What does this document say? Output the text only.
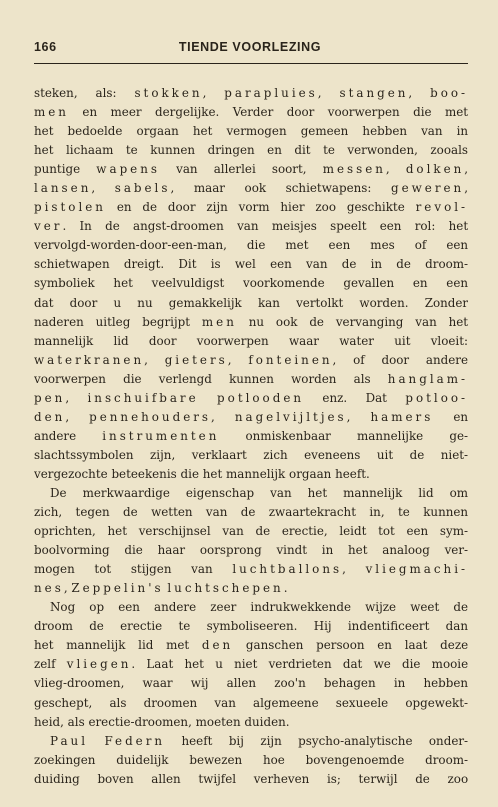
166	TIENDE VOORLEZING
steken, als: stokken, parapluies, stangen, boo-
men en meer dergelijke. Verder door voorwerpen die met
het bedoelde orgaan het vermogen gemeen hebben van in
het lichaam te kunnen dringen en dit te verwonden, zooals
puntige wapens van allerlei soort, messen, dolken,
lansen, sabels, maar ook schietwapens: geweren,
pistolen en de door zijn vorm hier zoo geschikte revol-
ver. In de angst-droomen van meisjes speelt een rol: het
vervolgd-worden-door-een-man, die met een mes of een
schietwapen dreigt. Dit is wel een van de in de droom-
symboliek het veelvuldigst voorkomende gevallen en een
dat door u nu gemakkelijk kan vertolkt worden. Zonder
naderen uitleg begrijpt men nu ook de vervanging van het
mannelijk lid door voorwerpen waar water uit vloeit:
waterkranen, gieters, fonteinen, of door andere
voorwerpen die verlengd kunnen worden als hanglam-
pen, inschuifbare potlooden enz. Dat potloo-
den, pennehouders, nagelvijltjes, hamers en
andere instrumenten onmiskenbaar mannelijke ge-
slachtssymbolen zijn, verklaart zich eveneens uit de niet-
vergezochte beteekenis die het mannelijk orgaan heeft.
De merkwaardige eigenschap van het mannelijk lid om
zich, tegen de wetten van de zwaartekracht in, te kunnen
oprichten, het verschijnsel van de erectie, leidt tot een sym-
boolvorming die haar oorsprong vindt in het analoog ver-
mogen tot stijgen van luchtballons, vliegmachi-
nes, Zeppelin's luchtschepen.
Nog op een andere zeer indrukwekkende wijze weet de
droom de erectie te symboliseeren. Hij indentificeert dan
het mannelijk lid met den ganschen persoon en laat deze
zelf vliegen. Laat het u niet verdrieten dat we die mooie
vlieg-droomen, waar wij allen zoo'n behagen in hebben
geschept, als droomen van algemeene sexueele opgewekt-
heid, als erectie-droomen, moeten duiden.
Paul Federn heeft bij zijn psycho-analytische onder-
zoekingen duidelijk bewezen hoe bovengenoemde droom-
duiding boven allen twijfel verheven is; terwijl de zoo
